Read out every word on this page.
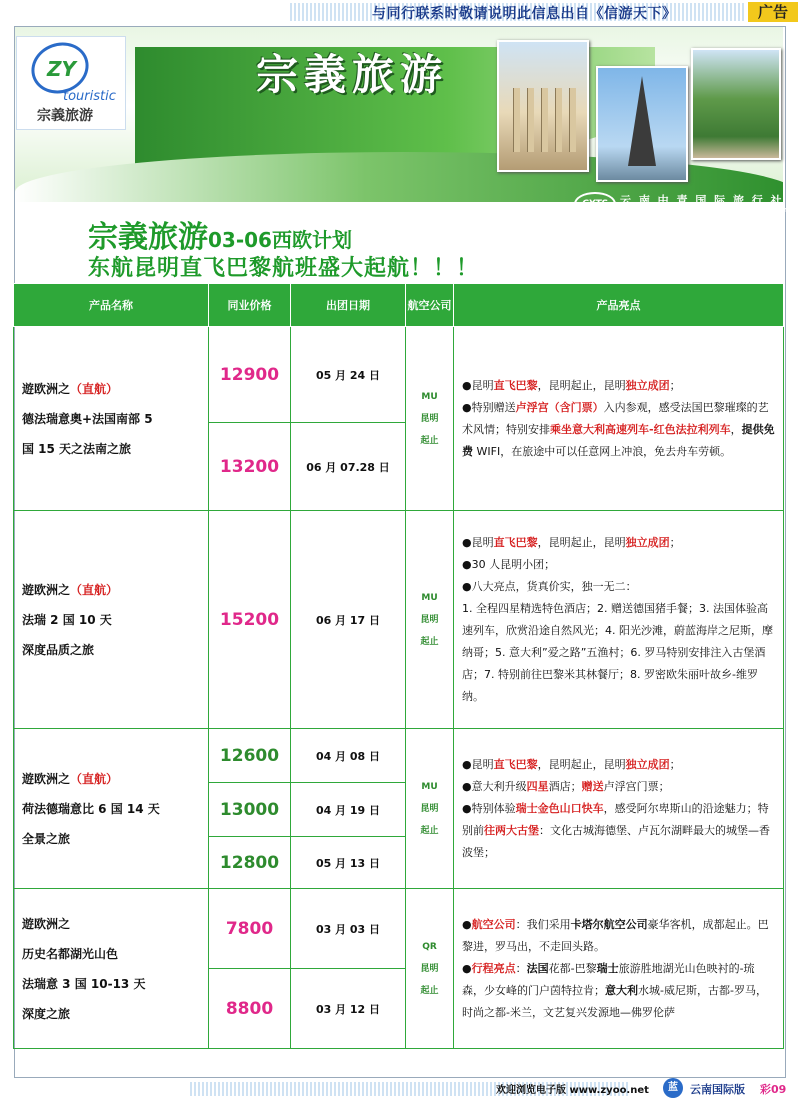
与同行联系时敬请说明此信息出自《信游天下》	广告
ZY
touristic
宗義旅游
宗義旅游
CYTS	云 南 中 青 国 际 旅 行 社
China Youth Travel Sevice Co.Led .Yun Nan
宗義旅游03-06西欧计划
东航昆明直飞巴黎航班盛大起航！！！
产品名称	同业价格	出团日期	航空公司	产品亮点
遊欧洲之（直航）
德法瑞意奥+法国南部 5
国 15 天之法南之旅	12900	05 月 24 日	MU
昆明
起止	●昆明直飞巴黎，昆明起止，昆明独立成团；
●特别赠送卢浮宫（含门票）入内参观，感受法国巴黎璀璨的艺术风情；特别安排乘坐意大利高速列车-红色法拉利列车，提供免费 WIFI，在旅途中可以任意网上冲浪，免去舟车劳顿。
	13200	06 月 07.28 日		
遊欧洲之（直航）
法瑞 2 国 10 天
深度品质之旅	15200	06 月 17 日	MU
昆明
起止	●昆明直飞巴黎，昆明起止，昆明独立成团；
●30 人昆明小团；
●八大亮点，货真价实，独一无二：
1. 全程四星精选特色酒店；2. 赠送德国猪手餐；3. 法国体验高速列车，欣赏沿途自然风光；4. 阳光沙滩，蔚蓝海岸之尼斯，摩纳哥；5. 意大利”爱之路”五渔村；6. 罗马特别安排注入古堡酒店；7. 特别前往巴黎米其林餐厅；8. 罗密欧朱丽叶故乡-维罗纳。
遊欧洲之（直航）
荷法德瑞意比 6 国 14 天
全景之旅	12600	04 月 08 日	MU
昆明
起止	●昆明直飞巴黎，昆明起止，昆明独立成团；
●意大利升级四星酒店；赠送卢浮宫门票；
●特别体验瑞士金色山口快车，感受阿尔卑斯山的沿途魅力；特别前往两大古堡：文化古城海德堡、卢瓦尔湖畔最大的城堡—香波堡；
	13000	04 月 19 日		
	12800	05 月 13 日		
遊欧洲之
历史名都湖光山色
法瑞意 3 国 10-13 天
深度之旅	7800	03 月 03 日	QR
昆明
起止	●航空公司：我们采用卡塔尔航空公司豪华客机，成都起止。巴黎进，罗马出，不走回头路。
●行程亮点：法国花都-巴黎瑞士旅游胜地湖光山色映衬的-琉森，少女峰的门户茵特拉肯；意大利水城-威尼斯，古都-罗马，时尚之都-米兰，文艺复兴发源地—佛罗伦萨
	8800	03 月 12 日		
欢迎浏览电子版 www.zyoo.net	蓝	云南国际版 彩09
